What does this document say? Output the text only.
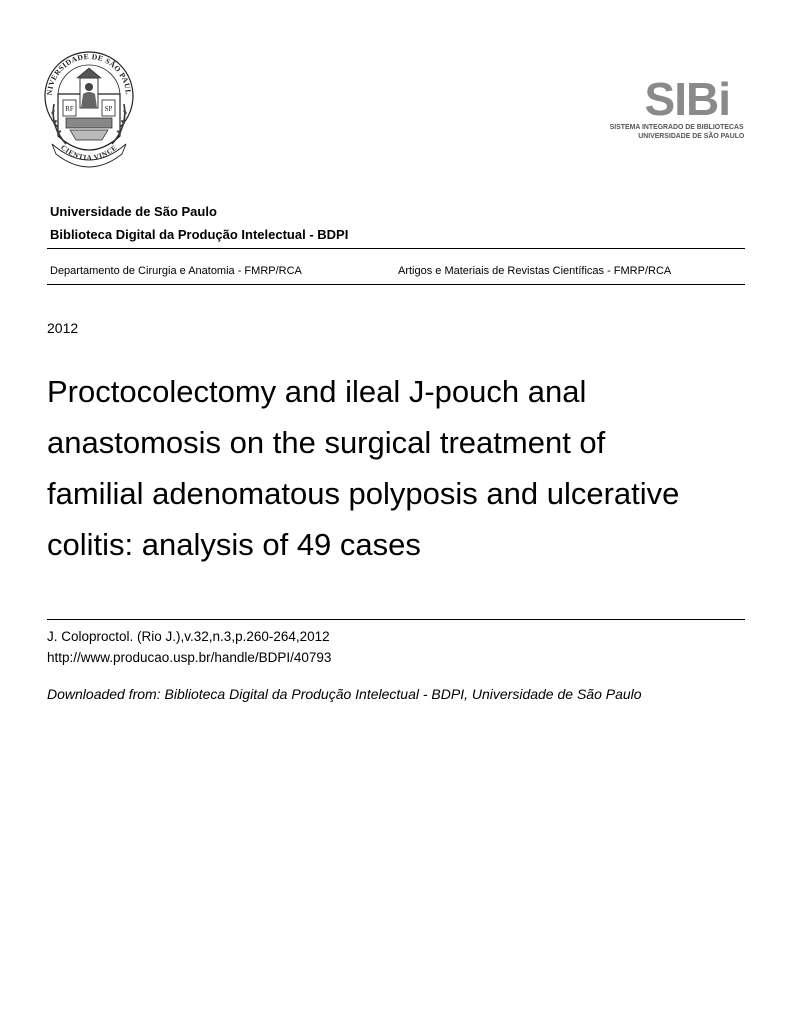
NIVERSIDADE DE SÃO PAUL
RF	SP
CIENTIA VINCE
SIBi
SISTEMA INTEGRADO DE BIBLIOTECAS
UNIVERSIDADE DE SÃO PAULO
Universidade de São Paulo
Biblioteca Digital da Produção Intelectual - BDPI
Departamento de Cirurgia e Anatomia - FMRP/RCA	Artigos e Materiais de Revistas Científicas - FMRP/RCA
2012
Proctocolectomy and ileal J-pouch anal
anastomosis on the surgical treatment of
familial adenomatous polyposis and ulcerative
colitis: analysis of 49 cases
J. Coloproctol. (Rio J.),v.32,n.3,p.260-264,2012
http://www.producao.usp.br/handle/BDPI/40793
Downloaded from: Biblioteca Digital da Produção Intelectual - BDPI, Universidade de São Paulo
